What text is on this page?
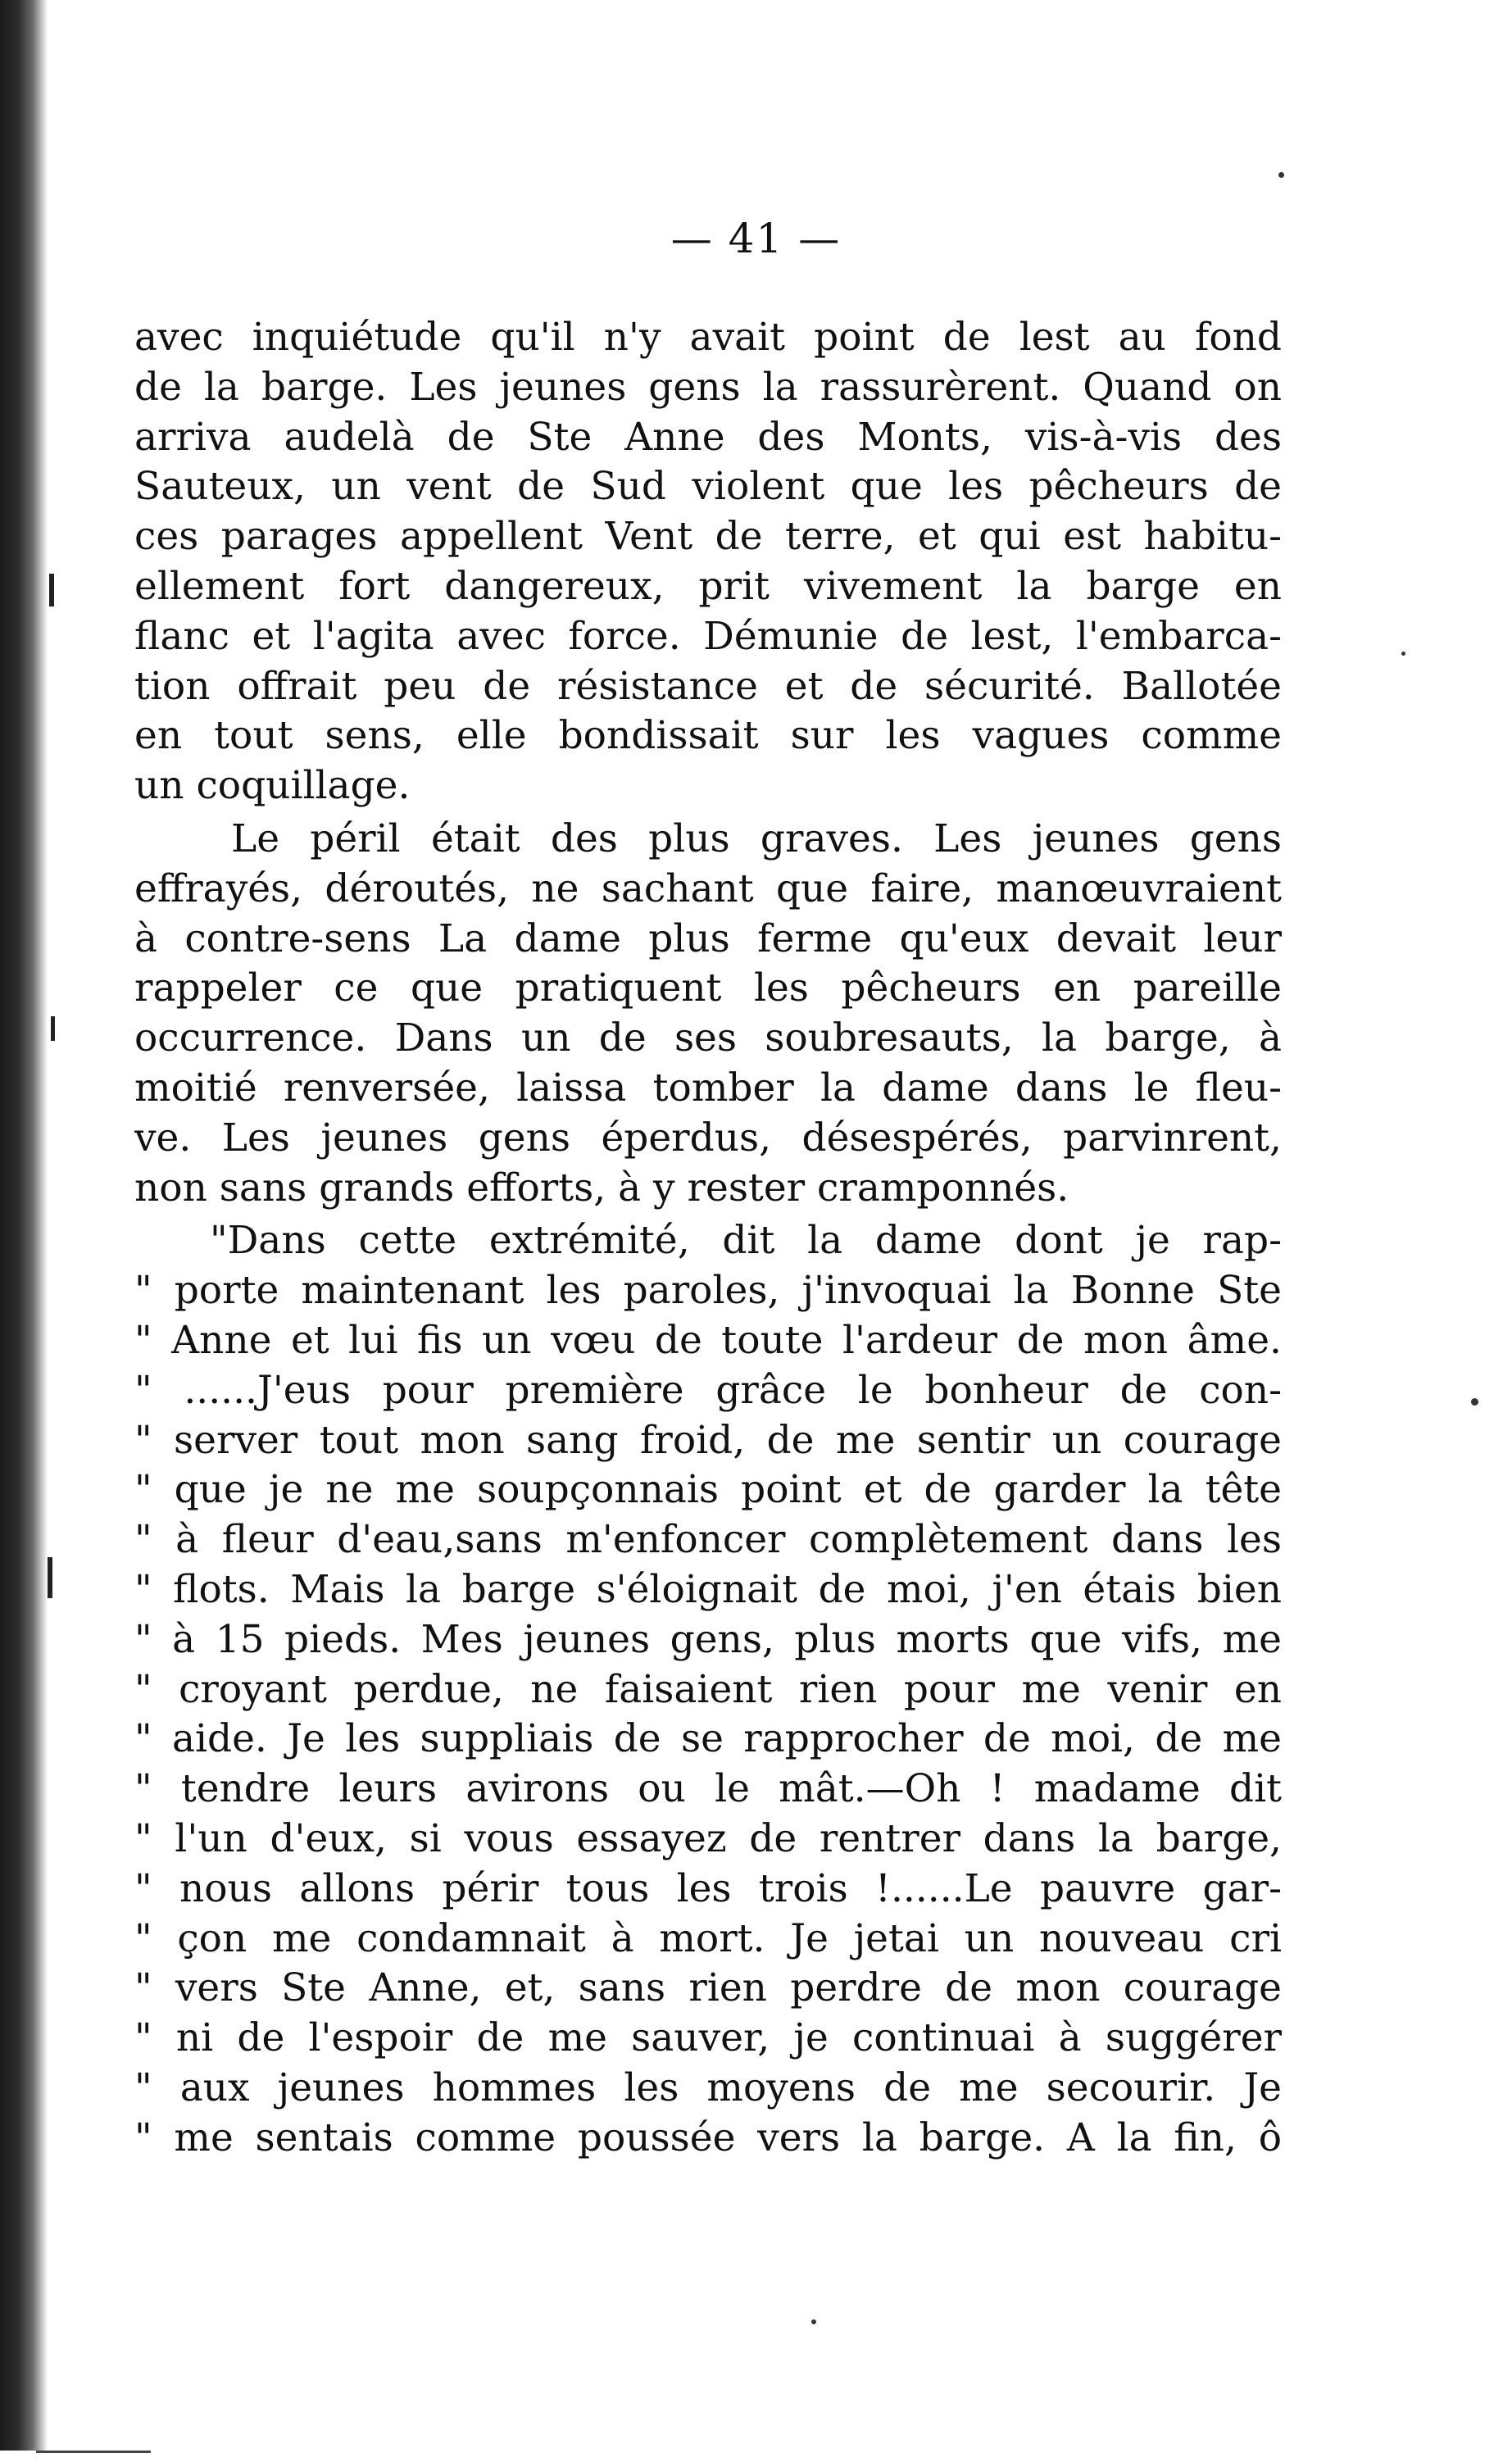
— 41 —
avec inquiétude qu'il n'y avait point de lest au fond
de la barge. Les jeunes gens la rassurèrent. Quand on
arriva audelà de Ste Anne des Monts, vis-à-vis des
Sauteux, un vent de Sud violent que les pêcheurs de
ces parages appellent Vent de terre, et qui est habitu-
ellement fort dangereux, prit vivement la barge en
flanc et l'agita avec force. Démunie de lest, l'embarca-
tion offrait peu de résistance et de sécurité. Ballotée
en tout sens, elle bondissait sur les vagues comme
un coquillage.
Le péril était des plus graves. Les jeunes gens
effrayés, déroutés, ne sachant que faire, manœuvraient
à contre-sens La dame plus ferme qu'eux devait leur
rappeler ce que pratiquent les pêcheurs en pareille
occurrence. Dans un de ses soubresauts, la barge, à
moitié renversée, laissa tomber la dame dans le fleu-
ve. Les jeunes gens éperdus, désespérés, parvinrent,
non sans grands efforts, à y rester cramponnés.
"Dans cette extrémité, dit la dame dont je rap-
" porte maintenant les paroles, j'invoquai la Bonne Ste
" Anne et lui fis un vœu de toute l'ardeur de mon âme.
" ......J'eus pour première grâce le bonheur de con-
" server tout mon sang froid, de me sentir un courage
" que je ne me soupçonnais point et de garder la tête
" à fleur d'eau,sans m'enfoncer complètement dans les
" flots. Mais la barge s'éloignait de moi, j'en étais bien
" à 15 pieds. Mes jeunes gens, plus morts que vifs, me
" croyant perdue, ne faisaient rien pour me venir en
" aide. Je les suppliais de se rapprocher de moi, de me
" tendre leurs avirons ou le mât.—Oh ! madame dit
" l'un d'eux, si vous essayez de rentrer dans la barge,
" nous allons périr tous les trois !......Le pauvre gar-
" çon me condamnait à mort. Je jetai un nouveau cri
" vers Ste Anne, et, sans rien perdre de mon courage
" ni de l'espoir de me sauver, je continuai à suggérer
" aux jeunes hommes les moyens de me secourir. Je
" me sentais comme poussée vers la barge. A la fin, ô
